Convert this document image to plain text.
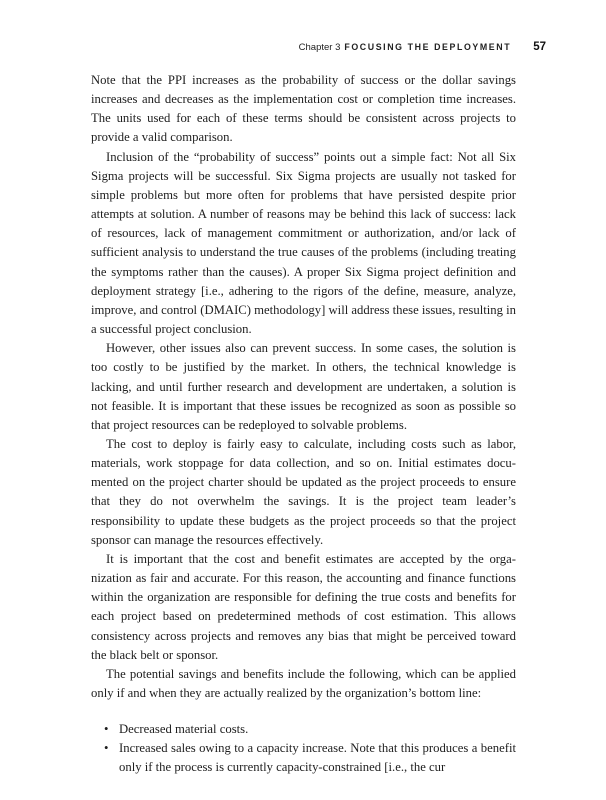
Chapter 3 FOCUSING THE DEPLOYMENT 57

Note that the PPI increases as the probability of success or the dollar savings increases and decreases as the implementation cost or completion time increases. The units used for each of these terms should be consistent across projects to provide a valid comparison.

Inclusion of the “probability of success” points out a simple fact: Not all Six Sigma projects will be successful. Six Sigma projects are usually not tasked for simple problems but more often for problems that have persisted despite prior attempts at solution. A number of reasons may be behind this lack of success: lack of resources, lack of management commitment or authorization, and/or lack of sufficient analysis to understand the true causes of the problems (including treating the symptoms rather than the causes). A proper Six Sigma project definition and deployment strategy [i.e., adhering to the rigors of the define, measure, analyze, improve, and control (DMAIC) methodology] will address these issues, resulting in a successful project conclusion.

However, other issues also can prevent success. In some cases, the solution is too costly to be justified by the market. In others, the technical knowledge is lacking, and until further research and development are undertaken, a solution is not feasible. It is important that these issues be recognized as soon as possible so that project resources can be redeployed to solvable problems.

The cost to deploy is fairly easy to calculate, including costs such as labor, materials, work stoppage for data collection, and so on. Initial estimates documented on the project charter should be updated as the project proceeds to ensure that they do not overwhelm the savings. It is the project team leader’s responsibility to update these budgets as the project proceeds so that the project sponsor can manage the resources effectively.

It is important that the cost and benefit estimates are accepted by the organization as fair and accurate. For this reason, the accounting and finance functions within the organization are responsible for defining the true costs and benefits for each project based on predetermined methods of cost estimation. This allows consistency across projects and removes any bias that might be perceived toward the black belt or sponsor.

The potential savings and benefits include the following, which can be applied only if and when they are actually realized by the organization’s bottom line:

• Decreased material costs.
• Increased sales owing to a capacity increase. Note that this produces a benefit only if the process is currently capacity-constrained [i.e., the cur
